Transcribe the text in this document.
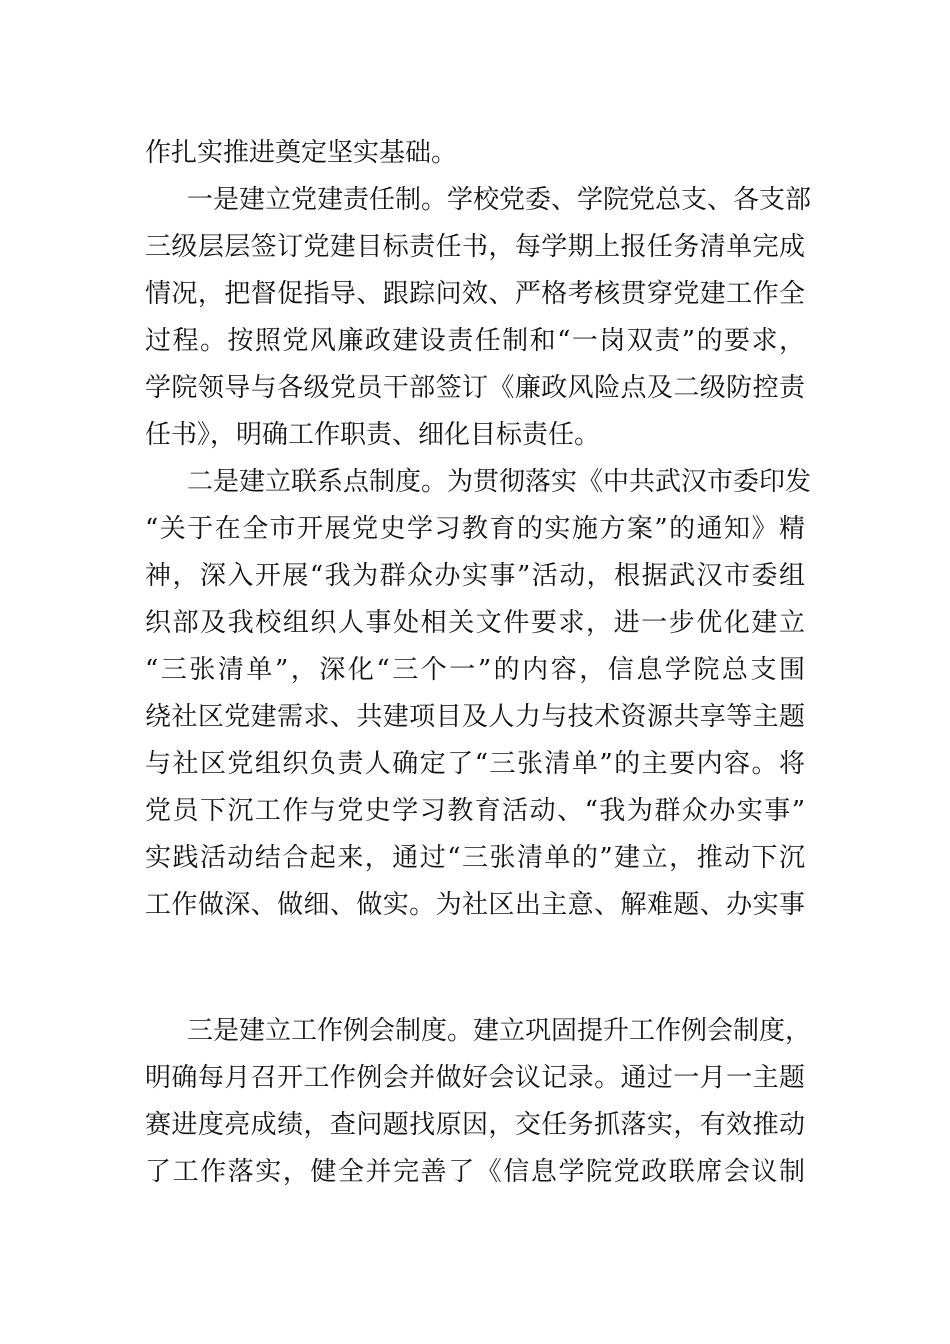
作扎实推进奠定坚实基础。
一是建立党建责任制。学校党委、学院党总支、各支部
三级层层签订党建目标责任书，每学期上报任务清单完成
情况，把督促指导、跟踪问效、严格考核贯穿党建工作全
过程。按照党风廉政建设责任制和“一岗双责”的要求，
学院领导与各级党员干部签订《廉政风险点及二级防控责
任书》，明确工作职责、细化目标责任。
二是建立联系点制度。为贯彻落实《中共武汉市委印发
“关于在全市开展党史学习教育的实施方案”的通知》精
神，深入开展“我为群众办实事”活动，根据武汉市委组
织部及我校组织人事处相关文件要求，进一步优化建立
“三张清单”，深化“三个一”的内容，信息学院总支围
绕社区党建需求、共建项目及人力与技术资源共享等主题
与社区党组织负责人确定了“三张清单”的主要内容。将
党员下沉工作与党史学习教育活动、“我为群众办实事”
实践活动结合起来，通过“三张清单的”建立，推动下沉
工作做深、做细、做实。为社区出主意、解难题、办实事
三是建立工作例会制度。建立巩固提升工作例会制度，
明确每月召开工作例会并做好会议记录。通过一月一主题
赛进度亮成绩，查问题找原因，交任务抓落实，有效推动
了工作落实，健全并完善了《信息学院党政联席会议制
